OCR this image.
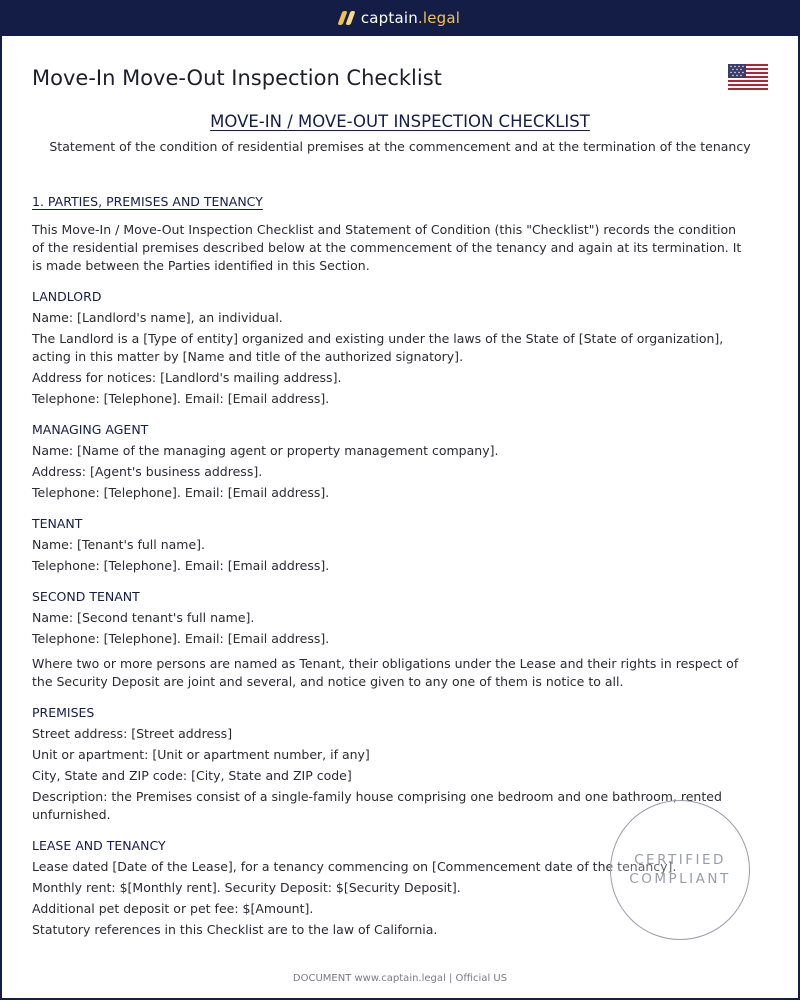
captain.legal
Move-In Move-Out Inspection Checklist
MOVE-IN / MOVE-OUT INSPECTION CHECKLIST
Statement of the condition of residential premises at the commencement and at the termination of the tenancy
1. PARTIES, PREMISES AND TENANCY
This Move-In / Move-Out Inspection Checklist and Statement of Condition (this "Checklist") records the condition of the residential premises described below at the commencement of the tenancy and again at its termination. It is made between the Parties identified in this Section.
LANDLORD
Name: [Landlord's name], an individual.
The Landlord is a [Type of entity] organized and existing under the laws of the State of [State of organization], acting in this matter by [Name and title of the authorized signatory].
Address for notices: [Landlord's mailing address].
Telephone: [Telephone]. Email: [Email address].
MANAGING AGENT
Name: [Name of the managing agent or property management company].
Address: [Agent's business address].
Telephone: [Telephone]. Email: [Email address].
TENANT
Name: [Tenant's full name].
Telephone: [Telephone]. Email: [Email address].
SECOND TENANT
Name: [Second tenant's full name].
Telephone: [Telephone]. Email: [Email address].
Where two or more persons are named as Tenant, their obligations under the Lease and their rights in respect of the Security Deposit are joint and several, and notice given to any one of them is notice to all.
PREMISES
Street address: [Street address]
Unit or apartment: [Unit or apartment number, if any]
City, State and ZIP code: [City, State and ZIP code]
Description: the Premises consist of a single-family house comprising one bedroom and one bathroom, rented unfurnished.
LEASE AND TENANCY
Lease dated [Date of the Lease], for a tenancy commencing on [Commencement date of the tenancy].
Monthly rent: $[Monthly rent]. Security Deposit: $[Security Deposit].
Additional pet deposit or pet fee: $[Amount].
Statutory references in this Checklist are to the law of California.
CERTIFIED
COMPLIANT
DOCUMENT www.captain.legal | Official US
